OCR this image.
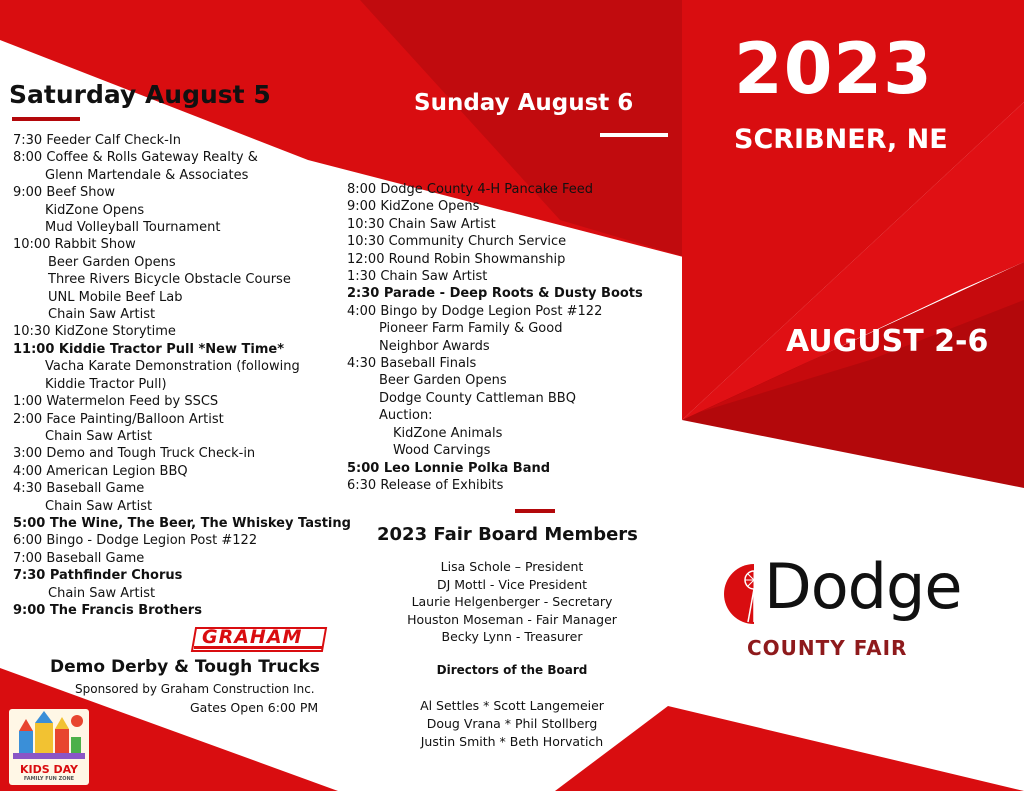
2023
SCRIBNER, NE
AUGUST 2-6
Saturday August 5
7:30 Feeder Calf Check-In
8:00 Coffee & Rolls Gateway Realty &
Glenn Martendale & Associates
9:00 Beef Show
KidZone Opens
Mud Volleyball Tournament
10:00 Rabbit Show
Beer Garden Opens
Three Rivers Bicycle Obstacle Course
UNL Mobile Beef Lab
Chain Saw Artist
10:30 KidZone Storytime
11:00 Kiddie Tractor Pull *New Time*
Vacha Karate Demonstration (following
Kiddie Tractor Pull)
1:00 Watermelon Feed by SSCS
2:00 Face Painting/Balloon Artist
Chain Saw Artist
3:00 Demo and Tough Truck Check-in
4:00 American Legion BBQ
4:30 Baseball Game
Chain Saw Artist
5:00 The Wine, The Beer, The Whiskey Tasting
6:00 Bingo - Dodge Legion Post #122
7:00 Baseball Game
7:30 Pathfinder Chorus
Chain Saw Artist
9:00 The Francis Brothers
GRAHAM
Demo Derby & Tough Trucks
Sponsored by Graham Construction Inc.
Gates Open 6:00 PM
KIDS DAY
FAMILY FUN ZONE
Sunday August 6
8:00 Dodge County 4-H Pancake Feed
9:00 KidZone Opens
10:30 Chain Saw Artist
10:30 Community Church Service
12:00 Round Robin Showmanship
1:30 Chain Saw Artist
2:30 Parade - Deep Roots & Dusty Boots
4:00 Bingo by Dodge Legion Post #122
Pioneer Farm Family & Good
Neighbor Awards
4:30 Baseball Finals
Beer Garden Opens
Dodge County Cattleman BBQ
Auction:
KidZone Animals
Wood Carvings
5:00 Leo Lonnie Polka Band
6:30 Release of Exhibits
2023 Fair Board Members
Lisa Schole – President
DJ Mottl - Vice President
Laurie Helgenberger - Secretary
Houston Moseman - Fair Manager
Becky Lynn - Treasurer
Directors of the Board
Al Settles * Scott Langemeier
Doug Vrana * Phil Stollberg
Justin Smith * Beth Horvatich
Dodge
COUNTY FAIR
